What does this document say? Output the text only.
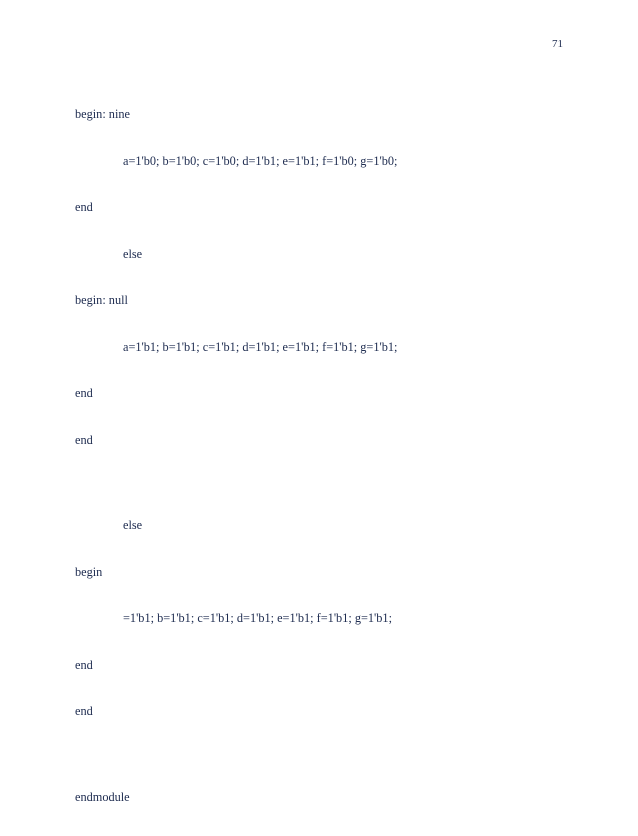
71

begin: nine

a=1'b0; b=1'b0; c=1'b0; d=1'b1; e=1'b1; f=1'b0; g=1'b0;

end

else

begin: null

a=1'b1; b=1'b1; c=1'b1; d=1'b1; e=1'b1; f=1'b1; g=1'b1;

end

end

else

begin

=1'b1; b=1'b1; c=1'b1; d=1'b1; e=1'b1; f=1'b1; g=1'b1;

end

end

endmodule
